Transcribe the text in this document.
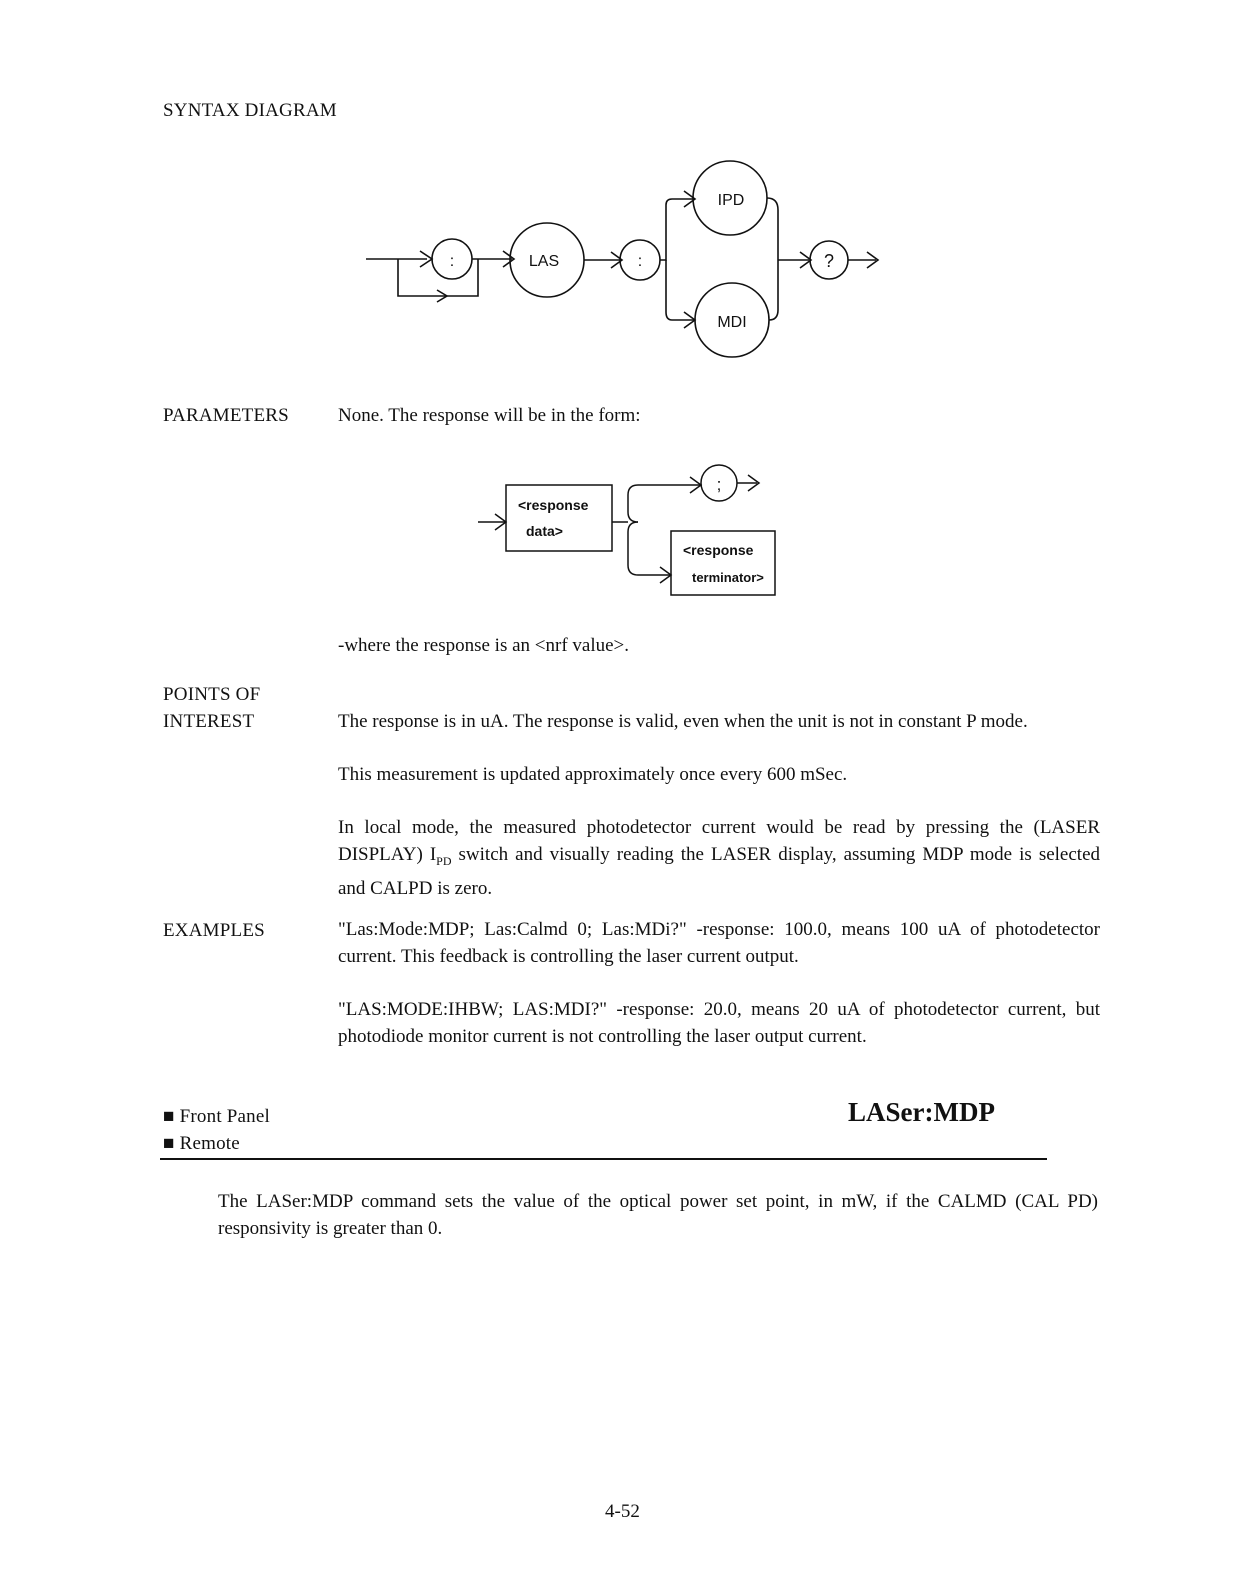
SYNTAX DIAGRAM
:	LAS	:
IPD
MDI
?
PARAMETERS	None. The response will be in the form:
<response
data>
;
<response
terminator>
-where the response is an <nrf value>.
POINTS OF
INTEREST	The response is in uA. The response is valid, even when the unit is not in constant P mode.
This measurement is updated approximately once every 600 mSec.
In local mode, the measured photodetector current would be read by pressing the (LASER DISPLAY) $I_{PD}$ switch and visually reading the LASER display, assuming MDP mode is selected and CALPD is zero.
EXAMPLES	"Las:Mode:MDP; Las:Calmd 0; Las:MDi?" -response: 100.0, means 100 uA of photodetector current. This feedback is controlling the laser current output.
"LAS:MODE:IHBW; LAS:MDI?" -response: 20.0, means 20 uA of photodetector current, but photodiode monitor current is not controlling the laser output current.
■ Front Panel
■ Remote
LASer:MDP
The LASer:MDP command sets the value of the optical power set point, in mW, if the CALMD (CAL PD) responsivity is greater than 0.
4-52
